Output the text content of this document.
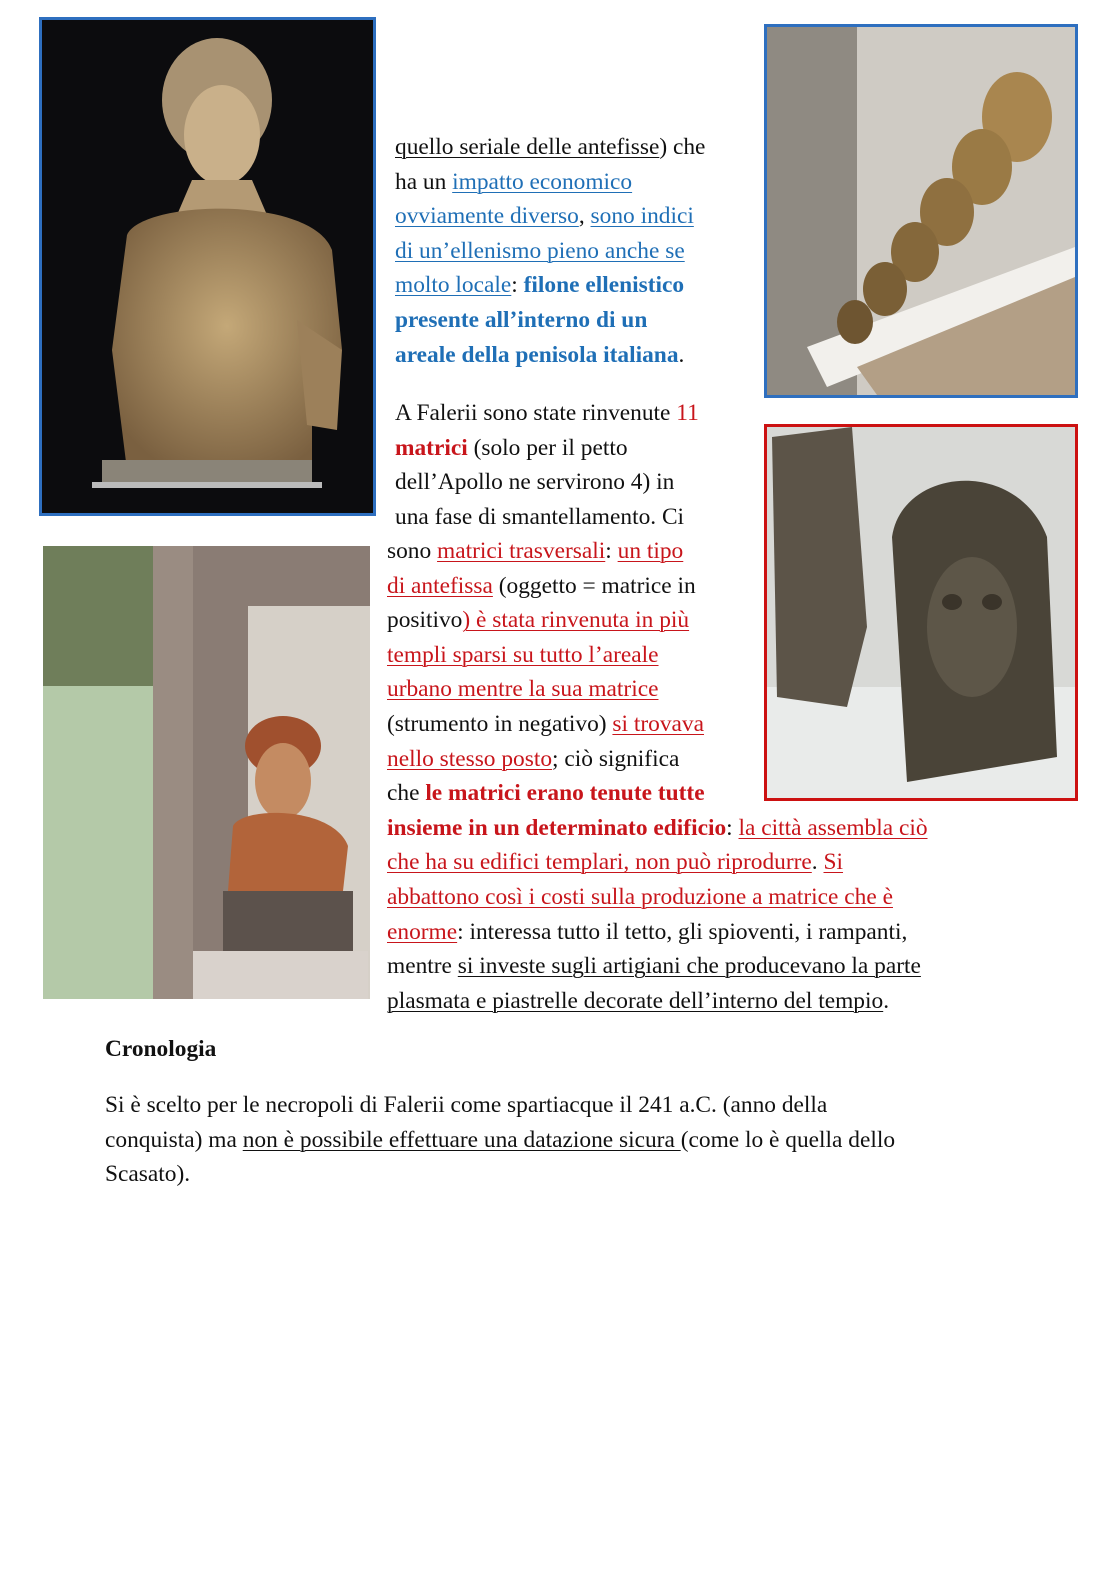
quello seriale delle antefisse) che
ha un impatto economico
ovviamente diverso, sono indici
di un’ellenismo pieno anche se
molto locale: filone ellenistico
presente all’interno di un
areale della penisola italiana.

A Falerii sono state rinvenute 11
matrici (solo per il petto
dell’Apollo ne servirono 4) in
una fase di smantellamento. Ci

sono matrici trasversali: un tipo
di antefissa (oggetto = matrice in
positivo) è stata rinvenuta in più
templi sparsi su tutto l’areale
urbano mentre la sua matrice
(strumento in negativo) si trovava
nello stesso posto; ciò significa
che le matrici erano tenute tutte
insieme in un determinato edificio: la città assembla ciò
che ha su edifici templari, non può riprodurre. Si
abbattono così i costi sulla produzione a matrice che è
enorme: interessa tutto il tetto, gli spioventi, i rampanti,
mentre si investe sugli artigiani che producevano la parte
plasmata e piastrelle decorate dell’interno del tempio.

Cronologia

Si è scelto per le necropoli di Falerii come spartiacque il 241 a.C. (anno della
conquista) ma non è possibile effettuare una datazione sicura (come lo è quella dello
Scasato).
